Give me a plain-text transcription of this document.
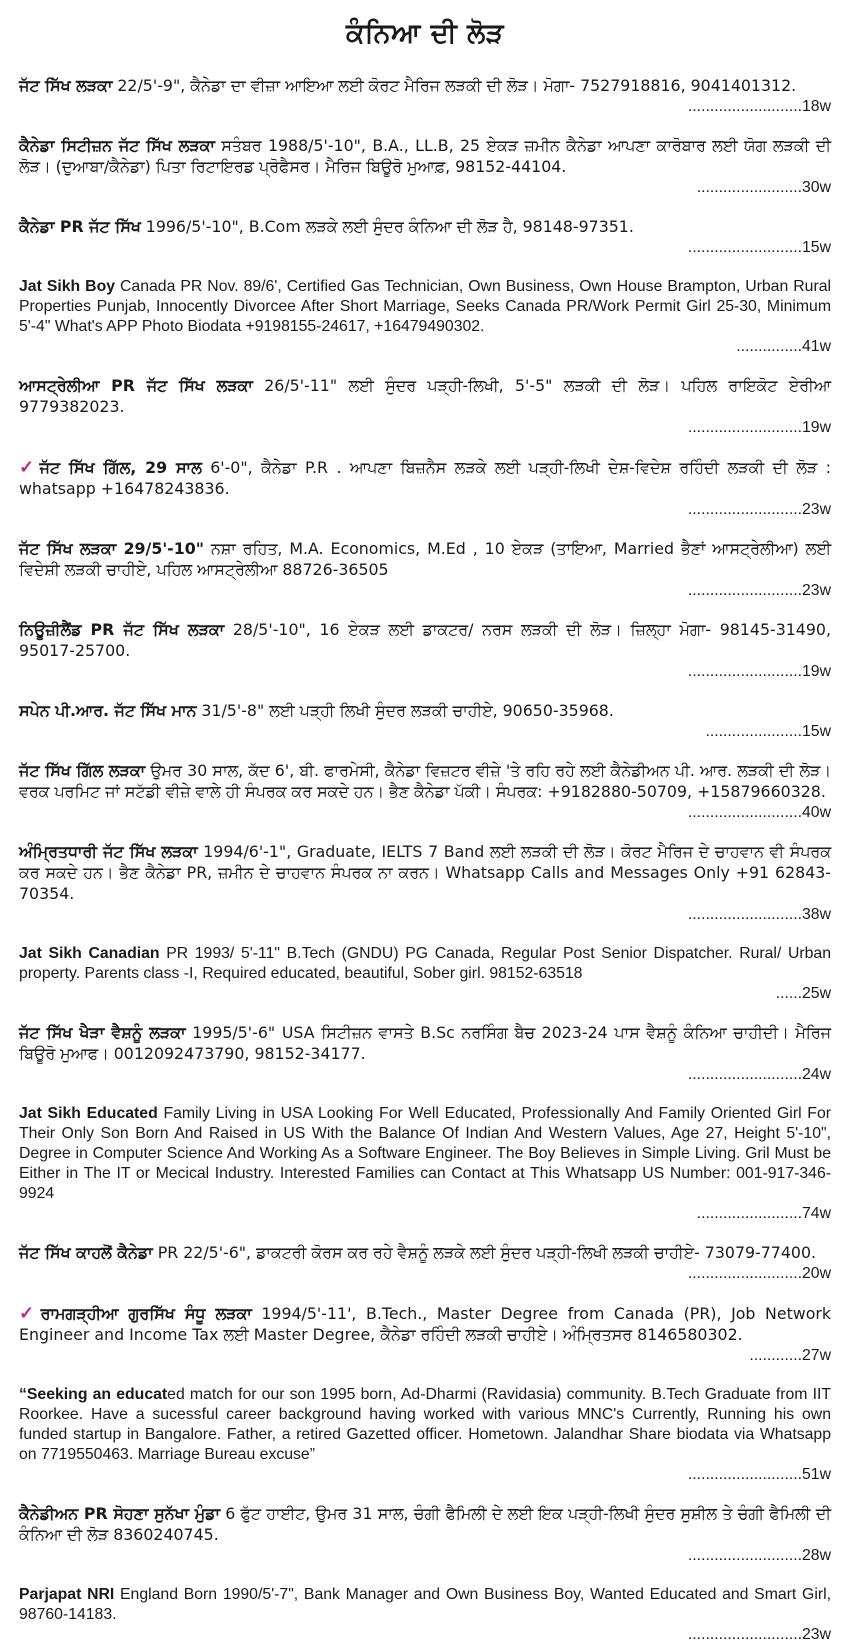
ਕੰਨਿਆ ਦੀ ਲੋੜ
ਜੱਟ ਸਿੱਖ ਲੜਕਾ 22/5'-9", ਕੈਨੇਡਾ ਦਾ ਵੀਜ਼ਾ ਆਇਆ ਲਈ ਕੋਰਟ ਮੈਰਿਜ ਲੜਕੀ ਦੀ ਲੋੜ। ਮੋਗਾ- 7527918816, 9041401312.
..........................18w
ਕੈਨੇਡਾ ਸਿਟੀਜ਼ਨ ਜੱਟ ਸਿੱਖ ਲੜਕਾ ਸਤੰਬਰ 1988/5'-10", B.A., LL.B, 25 ਏਕੜ ਜ਼ਮੀਨ ਕੈਨੇਡਾ ਆਪਣਾ ਕਾਰੋਬਾਰ ਲਈ ਯੋਗ ਲੜਕੀ ਦੀ ਲੋੜ। (ਦੁਆਬਾ/ਕੈਨੇਡਾ) ਪਿਤਾ ਰਿਟਾਇਰਡ ਪ੍ਰੋਫੈਸਰ। ਮੈਰਿਜ ਬਿਊਰੋ ਮੁਆਫ਼, 98152-44104.
........................30w
ਕੈਨੇਡਾ PR ਜੱਟ ਸਿੱਖ 1996/5'-10", B.Com ਲੜਕੇ ਲਈ ਸੁੰਦਰ ਕੰਨਿਆ ਦੀ ਲੋੜ ਹੈ, 98148-97351.
..........................15w
Jat Sikh Boy Canada PR Nov. 89/6', Certified Gas Technician, Own Business, Own House Brampton, Urban Rural Properties Punjab, Innocently Divorcee After Short Marriage, Seeks Canada PR/Work Permit Girl 25-30, Minimum 5'-4" What's APP Photo Biodata +9198155-24617, +16479490302.
...............41w
ਆਸਟ੍ਰੇਲੀਆ PR ਜੱਟ ਸਿੱਖ ਲੜਕਾ 26/5'-11" ਲਈ ਸੁੰਦਰ ਪੜ੍ਹੀ-ਲਿਖੀ, 5'-5" ਲੜਕੀ ਦੀ ਲੋੜ। ਪਹਿਲ ਰਾਇਕੋਟ ਏਰੀਆ 9779382023.
..........................19w
✓ ਜੱਟ ਸਿੱਖ ਗਿੱਲ, 29 ਸਾਲ 6'-0", ਕੈਨੇਡਾ P.R . ਆਪਣਾ ਬਿਜ਼ਨੈਸ ਲੜਕੇ ਲਈ ਪੜ੍ਹੀ-ਲਿਖੀ ਦੇਸ਼-ਵਿਦੇਸ਼ ਰਹਿੰਦੀ ਲੜਕੀ ਦੀ ਲੋੜ : whatsapp +16478243836.
..........................23w
ਜੱਟ ਸਿੱਖ ਲੜਕਾ 29/5'-10" ਨਸ਼ਾ ਰਹਿਤ, M.A. Economics, M.Ed , 10 ਏਕੜ (ਤਾਇਆ, Married ਭੈਣਾਂ ਆਸਟ੍ਰੇਲੀਆ) ਲਈ ਵਿਦੇਸ਼ੀ ਲੜਕੀ ਚਾਹੀਏ, ਪਹਿਲ ਆਸਟ੍ਰੇਲੀਆ 88726-36505
..........................23w
ਨਿਊਜ਼ੀਲੈਂਡ PR ਜੱਟ ਸਿੱਖ ਲੜਕਾ 28/5'-10", 16 ਏਕੜ ਲਈ ਡਾਕਟਰ/ ਨਰਸ ਲੜਕੀ ਦੀ ਲੋੜ। ਜ਼ਿਲ੍ਹਾ ਮੋਗਾ- 98145-31490, 95017-25700.
..........................19w
ਸਪੇਨ ਪੀ.ਆਰ. ਜੱਟ ਸਿੱਖ ਮਾਨ 31/5'-8" ਲਈ ਪੜ੍ਹੀ ਲਿਖੀ ਸੁੰਦਰ ਲੜਕੀ ਚਾਹੀਏ, 90650-35968.
......................15w
ਜੱਟ ਸਿੱਖ ਗਿੱਲ ਲੜਕਾ ਉਮਰ 30 ਸਾਲ, ਕੱਦ 6', ਬੀ. ਫਾਰਮੇਸੀ, ਕੈਨੇਡਾ ਵਿਜ਼ਟਰ ਵੀਜ਼ੇ 'ਤੇ ਰਹਿ ਰਹੇ ਲਈ ਕੈਨੇਡੀਅਨ ਪੀ. ਆਰ. ਲੜਕੀ ਦੀ ਲੋੜ। ਵਰਕ ਪਰਮਿਟ ਜਾਂ ਸਟੱਡੀ ਵੀਜ਼ੇ ਵਾਲੇ ਹੀ ਸੰਪਰਕ ਕਰ ਸਕਦੇ ਹਨ। ਭੈਣ ਕੈਨੇਡਾ ਪੱਕੀ। ਸੰਪਰਕ: +9182880-50709, +15879660328.
..........................40w
ਅੰਮ੍ਰਿਤਧਾਰੀ ਜੱਟ ਸਿੱਖ ਲੜਕਾ 1994/6'-1", Graduate, IELTS 7 Band ਲਈ ਲੜਕੀ ਦੀ ਲੋੜ। ਕੋਰਟ ਮੈਰਿਜ ਦੇ ਚਾਹਵਾਨ ਵੀ ਸੰਪਰਕ ਕਰ ਸਕਦੇ ਹਨ। ਭੈਣ ਕੈਨੇਡਾ PR, ਜ਼ਮੀਨ ਦੇ ਚਾਹਵਾਨ ਸੰਪਰਕ ਨਾ ਕਰਨ। Whatsapp Calls and Messages Only +91 62843-70354.
..........................38w
Jat Sikh Canadian PR 1993/ 5'-11" B.Tech (GNDU) PG Canada, Regular Post Senior Dispatcher. Rural/ Urban property. Parents class -I, Required educated, beautiful, Sober girl. 98152-63518
......25w
ਜੱਟ ਸਿੱਖ ਖੈੜਾ ਵੈਸ਼ਨੂੰ ਲੜਕਾ 1995/5'-6" USA ਸਿਟੀਜ਼ਨ ਵਾਸਤੇ B.Sc ਨਰਸਿੰਗ ਬੈਚ 2023-24 ਪਾਸ ਵੈਸ਼ਨੂੰ ਕੰਨਿਆ ਚਾਹੀਦੀ। ਮੈਰਿਜ ਬਿਊਰੋ ਮੁਆਫ। 0012092473790, 98152-34177.
..........................24w
Jat Sikh Educated Family Living in USA Looking For Well Educated, Professionally And Family Oriented Girl For Their Only Son Born And Raised in US With the Balance Of Indian And Western Values, Age 27, Height 5'-10", Degree in Computer Science And Working As a Software Engineer. The Boy Believes in Simple Living. Gril Must be Either in The IT or Mecical Industry. Interested Families can Contact at This Whatsapp US Number: 001-917-346-9924
........................74w
ਜੱਟ ਸਿੱਖ ਕਾਹਲੋਂ ਕੈਨੇਡਾ PR 22/5'-6", ਡਾਕਟਰੀ ਕੋਰਸ ਕਰ ਰਹੇ ਵੈਸ਼ਨੂੰ ਲੜਕੇ ਲਈ ਸੁੰਦਰ ਪੜ੍ਹੀ-ਲਿਖੀ ਲੜਕੀ ਚਾਹੀਏ- 73079-77400.
..........................20w
✓ ਰਾਮਗੜ੍ਹੀਆ ਗੁਰਸਿੱਖ ਸੰਧੂ ਲੜਕਾ 1994/5'-11', B.Tech., Master Degree from Canada (PR), Job Network Engineer and Income Tax ਲਈ Master Degree, ਕੈਨੇਡਾ ਰਹਿੰਦੀ ਲੜਕੀ ਚਾਹੀਏ। ਅੰਮ੍ਰਿਤਸਰ 8146580302.
............27w
“Seeking an educated match for our son 1995 born, Ad-Dharmi (Ravidasia) community. B.Tech Graduate from IIT Roorkee. Have a sucessful career background having worked with various MNC's Currently, Running his own funded startup in Bangalore. Father, a retired Gazetted officer. Hometown. Jalandhar Share biodata via Whatsapp on 7719550463. Marriage Bureau excuse”
..........................51w
ਕੈਨੇਡੀਅਨ PR ਸੋਹਣਾ ਸੁਨੱਖਾ ਮੁੰਡਾ 6 ਫੁੱਟ ਹਾਈਟ, ਉਮਰ 31 ਸਾਲ, ਚੰਗੀ ਫੈਮਿਲੀ ਦੇ ਲਈ ਇਕ ਪੜ੍ਹੀ-ਲਿਖੀ ਸੁੰਦਰ ਸੁਸ਼ੀਲ ਤੇ ਚੰਗੀ ਫੈਮਿਲੀ ਦੀ ਕੰਨਿਆ ਦੀ ਲੋੜ 8360240745.
..........................28w
Parjapat NRI England Born 1990/5'-7", Bank Manager and Own Business Boy, Wanted Educated and Smart Girl, 98760-14183.
..........................23w
